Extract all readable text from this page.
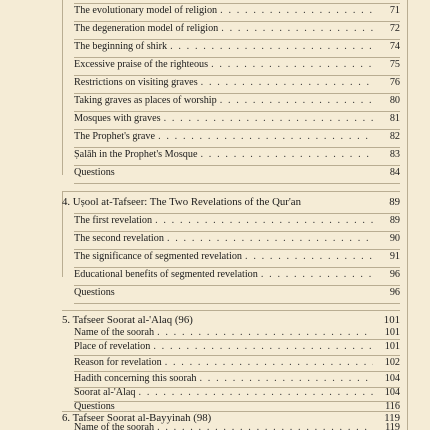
The evolutionary model of religion . . .	71
The degeneration model of religion . . .	72
The beginning of shirk . . .	74
Excessive praise of the righteous . . .	75
Restrictions on visiting graves . . .	76
Taking graves as places of worship . . .	80
Mosques with graves . . .	81
The Prophet's grave . . .	82
Ṣalāh in the Prophet's Mosque . . .	83
Questions	84
4. Uṣool at-Tafseer: The Two Revelations of the Qur'an	89
The first revelation . . .	89
The second revelation . . .	90
The significance of segmented revelation . . .	91
Educational benefits of segmented revelation . . .	96
Questions	96
5. Tafseer Soorat al-'Alaq (96)	101
Name of the soorah . . .	101
Place of revelation . . .	101
Reason for revelation . . .	102
Hadith concerning this soorah . . .	104
Soorat al-'Alaq . . .	104
Questions	116
6. Tafseer Soorat al-Bayyinah (98)	119
Name of the soorah . . .	119
